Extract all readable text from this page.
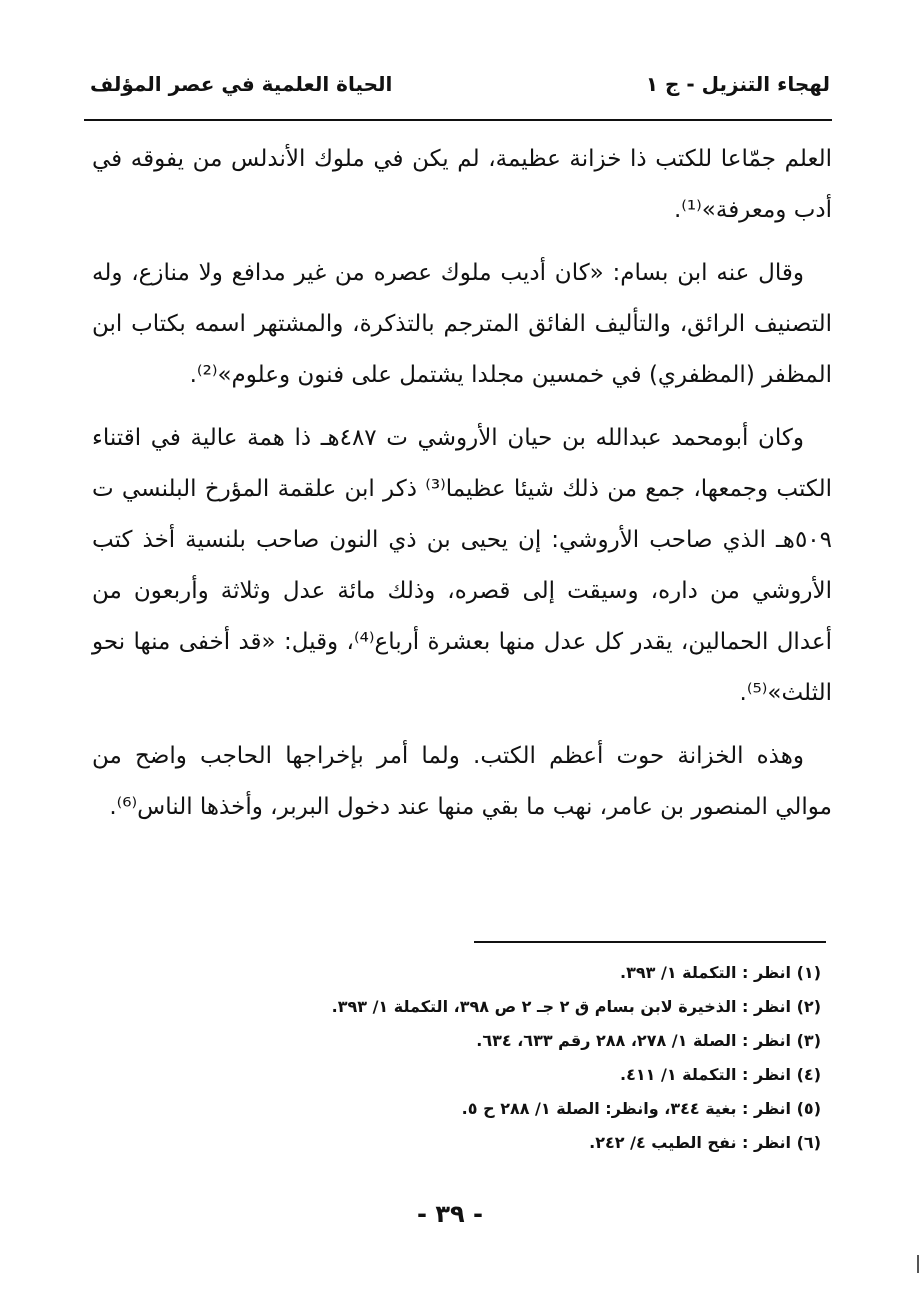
لهجاء التنزيل - ج ١
الحياة العلمية في عصر المؤلف

العلم جمّاعا للكتب ذا خزانة عظيمة، لم يكن في ملوك الأندلس من يفوقه في أدب ومعرفة»⁽¹⁾.

وقال عنه ابن بسام: «كان أديب ملوك عصره من غير مدافع ولا منازع، وله التصنيف الرائق، والتأليف الفائق المترجم بالتذكرة، والمشتهر اسمه بكتاب ابن المظفر (المظفري) في خمسين مجلدا يشتمل على فنون وعلوم»⁽²⁾.

وكان أبومحمد عبدالله بن حيان الأروشي ت ٤٨٧هـ ذا همة عالية في اقتناء الكتب وجمعها، جمع من ذلك شيئا عظيما⁽³⁾ ذكر ابن علقمة المؤرخ البلنسي ت ٥٠٩هـ الذي صاحب الأروشي: إن يحيى بن ذي النون صاحب بلنسية أخذ كتب الأروشي من داره، وسيقت إلى قصره، وذلك مائة عدل وثلاثة وأربعون من أعدال الحمالين، يقدر كل عدل منها بعشرة أرباع⁽⁴⁾، وقيل: «قد أخفى منها نحو الثلث»⁽⁵⁾.

وهذه الخزانة حوت أعظم الكتب. ولما أمر بإخراجها الحاجب واضح من موالي المنصور بن عامر، نهب ما بقي منها عند دخول البربر، وأخذها الناس⁽⁶⁾.

(١) انظر : التكملة ١/ ٣٩٣.
(٢) انظر : الذخيرة لابن بسام ق ٢ جـ ٢ ص ٣٩٨، التكملة ١/ ٣٩٣.
(٣) انظر : الصلة ١/ ٢٧٨، ٢٨٨ رقم ٦٣٣، ٦٣٤.
(٤) انظر : التكملة ١/ ٤١١.
(٥) انظر : بغية ٣٤٤، وانظر: الصلة ١/ ٢٨٨ ح ٥.
(٦) انظر : نفح الطيب ٤/ ٢٤٢.
- ٣٩ -
